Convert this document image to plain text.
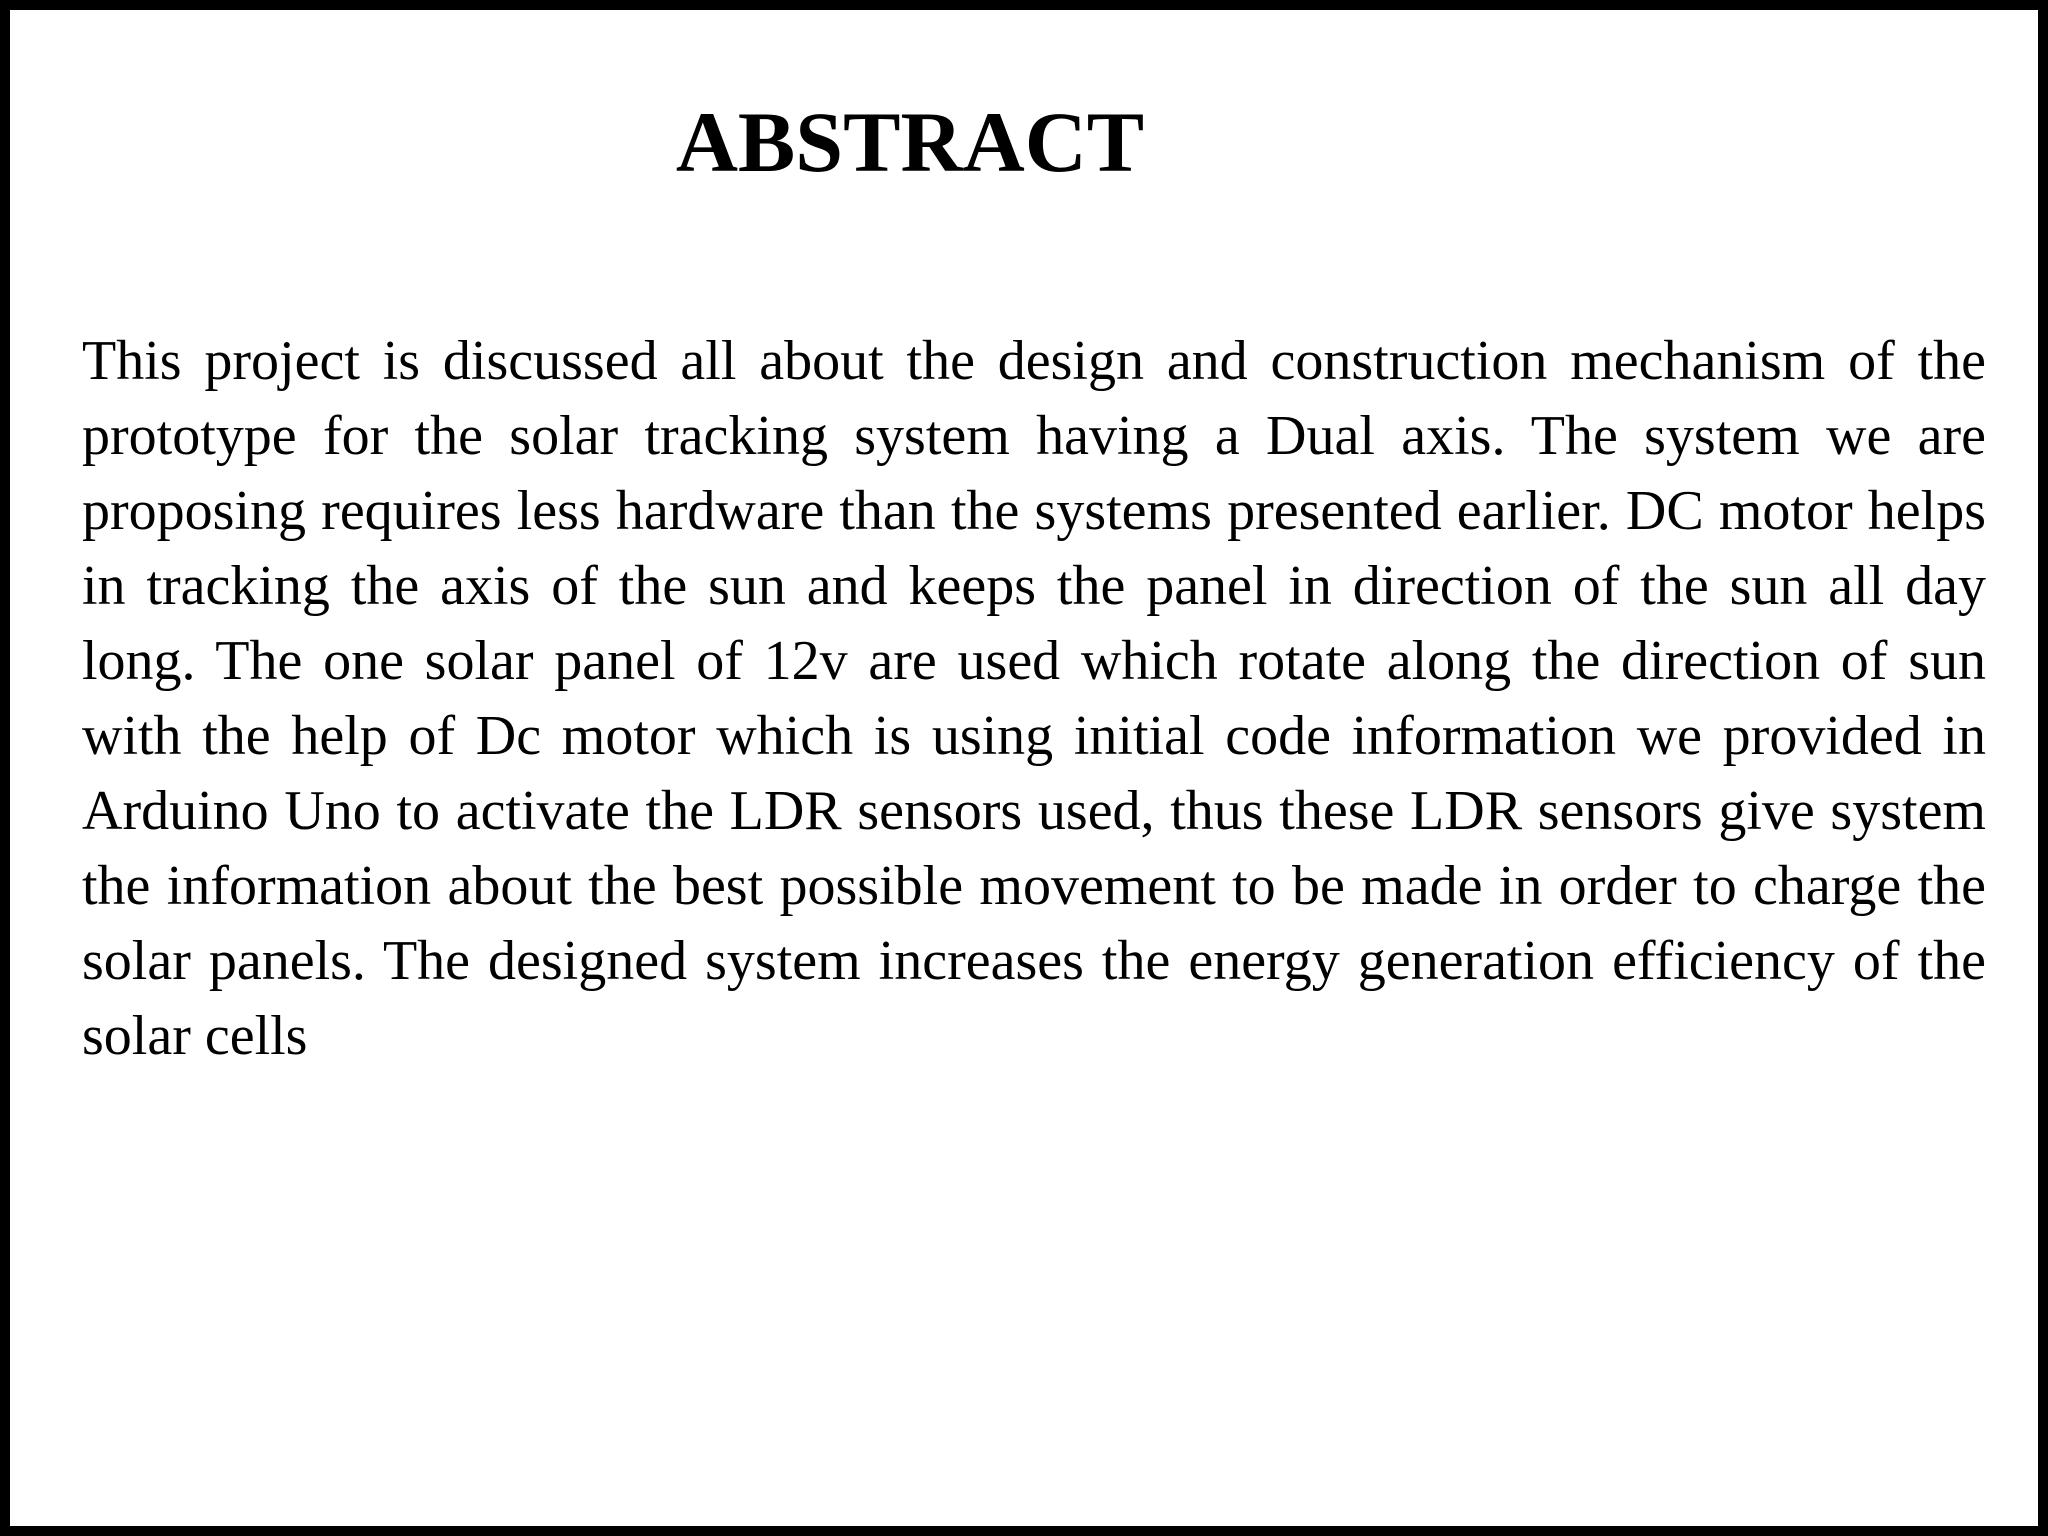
ABSTRACT

This project is discussed all about the design and construction mechanism of the prototype for the solar tracking system having a Dual axis. The system we are proposing requires less hardware than the systems presented earlier. DC motor helps in tracking the axis of the sun and keeps the panel in direction of the sun all day long. The one solar panel of 12v are used which rotate along the direction of sun with the help of Dc motor which is using initial code information we provided in Arduino Uno to activate the LDR sensors used, thus these LDR sensors give system the information about the best possible movement to be made in order to charge the solar panels. The designed system increases the energy generation efficiency of the solar cells
